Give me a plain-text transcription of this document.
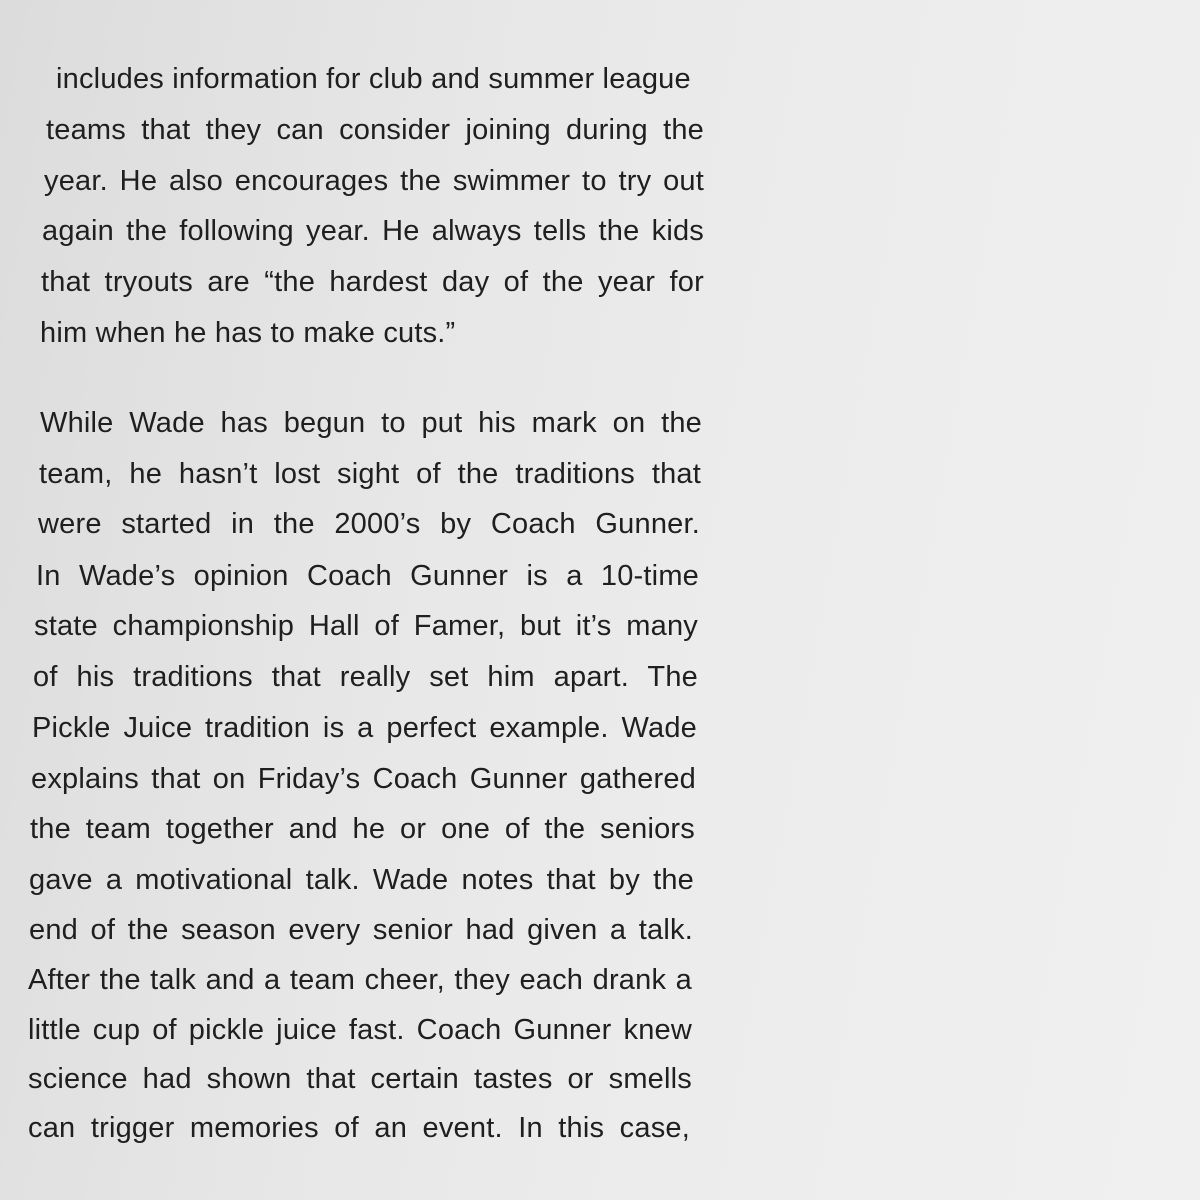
includes information for club and summer league
teams that they can consider joining during the
year. He also encourages the swimmer to try out
again the following year. He always tells the kids
that tryouts are “the hardest day of the year for
him when he has to make cuts.”
While Wade has begun to put his mark on the
team, he hasn’t lost sight of the traditions that
were started in the 2000’s by Coach Gunner.
In Wade’s opinion Coach Gunner is a 10-time
state championship Hall of Famer, but it’s many
of his traditions that really set him apart. The
Pickle Juice tradition is a perfect example. Wade
explains that on Friday’s Coach Gunner gathered
the team together and he or one of the seniors
gave a motivational talk. Wade notes that by the
end of the season every senior had given a talk.
After the talk and a team cheer, they each drank a
little cup of pickle juice fast. Coach Gunner knew
science had shown that certain tastes or smells
can trigger memories of an event. In this case,
